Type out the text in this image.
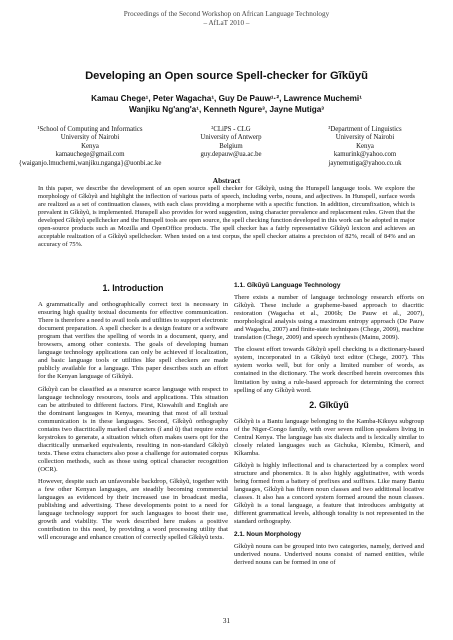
Proceedings of the Second Workshop on African Language Technology
– AfLaT 2010 –
Developing an Open source Spell-checker for Gĩkũyũ
Kamau Chege¹, Peter Wagacha¹, Guy De Pauw¹·², Lawrence Muchemi¹
Wanjiku Ng'ang'a¹, Kenneth Ngure³, Jayne Mutiga³
¹School of Computing and Informatics
University of Nairobi
Kenya
kamauchege@gmail.com
{waiganjo.lmuchemi,wanjiku.nganga}@uonbi.ac.ke
²CLiPS - CLG
University of Antwerp
Belgium
guy.depauw@ua.ac.be
³Department of Linguistics
University of Nairobi
Kenya
kamurink@yahoo.com
jaynemutiga@yahoo.co.uk
Abstract
In this paper, we describe the development of an open source spell checker for Gĩkũyũ, using the Hunspell language tools. We explore the morphology of Gĩkũyũ and highlight the inflection of various parts of speech, including verbs, nouns, and adjectives. In Hunspell, surface words are realized as a set of continuation classes, with each class providing a morpheme with a specific function. In addition, circumfixation, which is prevalent in Gĩkũyũ, is implemented. Hunspell also provides for word suggestion, using character prevalence and replacement rules. Given that the developed Gĩkũyũ spellchecker and the Hunspell tools are open source, the spell checking function developed in this work can be adopted in major open-source products such as Mozilla and OpenOffice products. The spell checker has a fairly representative Gĩkũyũ lexicon and achieves an acceptable realization of a Gĩkũyũ spellchecker. When tested on a test corpus, the spell checker attains a precision of 82%, recall of 84% and an accuracy of 75%.
1. Introduction

A grammatically and orthographically correct text is necessary in ensuring high quality textual documents for effective communication. There is therefore a need to avail tools and utilities to support electronic document preparation. A spell checker is a design feature or a software program that verifies the spelling of words in a document, query, and browsers, among other contexts. The goals of developing human language technology applications can only be achieved if localization, and basic language tools or utilities like spell checkers are made publicly available for a language. This paper describes such an effort for the Kenyan language of Gĩkũyũ.

Gĩkũyũ can be classified as a resource scarce language with respect to language technology resources, tools and applications. This situation can be attributed to different factors. First, Kiswahili and English are the dominant languages in Kenya, meaning that most of all textual communication is in these languages. Second, Gĩkũyũ orthography contains two diacritically marked characters (ĩ and ũ) that require extra keystrokes to generate, a situation which often makes users opt for the diacritically unmarked equivalents, resulting in non-standard Gĩkũyũ texts. These extra characters also pose a challenge for automated corpus collection methods, such as those using optical character recognition (OCR).

However, despite such an unfavorable backdrop, Gĩkũyũ, together with a few other Kenyan languages, are steadily becoming commercial languages as evidenced by their increased use in broadcast media, publishing and advertising. These developments point to a need for language technology support for such languages to boost their use, growth and viability. The work described here makes a positive contribution to this need, by providing a word processing utility that will encourage and enhance creation of correctly spelled Gĩkũyũ texts.

1.1. Gĩkũyũ Language Technology

There exists a number of language technology research efforts on Gĩkũyũ. These include a grapheme-based approach to diacritic restoration (Wagacha et al., 2006b; De Pauw et al., 2007), morphological analysis using a maximum entropy approach (De Pauw and Wagacha, 2007) and finite-state techniques (Chege, 2009), machine translation (Chege, 2009) and speech synthesis (Mainu, 2009).

The closest effort towards Gĩkũyũ spell checking is a dictionary-based system, incorporated in a Gĩkũyũ text editor (Chege, 2007). This system works well, but for only a limited number of words, as contained in the dictionary. The work described herein overcomes this limitation by using a rule-based approach for determining the correct spelling of any Gĩkũyũ word.

2. Gĩkũyũ

Gĩkũyũ is a Bantu language belonging to the Kamba-Kikuyu subgroup of the Niger-Congo family, with over seven million speakers living in Central Kenya. The language has six dialects and is lexically similar to closely related languages such as Gichuka, Kĩembu, Kĩmerũ, and Kĩkamba.

Gĩkũyũ is highly inflectional and is characterized by a complex word structure and phonemics. It is also highly agglutinative, with words being formed from a battery of prefixes and suffixes. Like many Bantu languages, Gĩkũyũ has fifteen noun classes and two additional locative classes. It also has a concord system formed around the noun classes. Gĩkũyũ is a tonal language, a feature that introduces ambiguity at different grammatical levels, although tonality is not represented in the standard orthography.

2.1. Noun Morphology

Gĩkũyũ nouns can be grouped into two categories, namely, derived and underived nouns. Underived nouns consist of named entities, while derived nouns can be formed in one of

31
